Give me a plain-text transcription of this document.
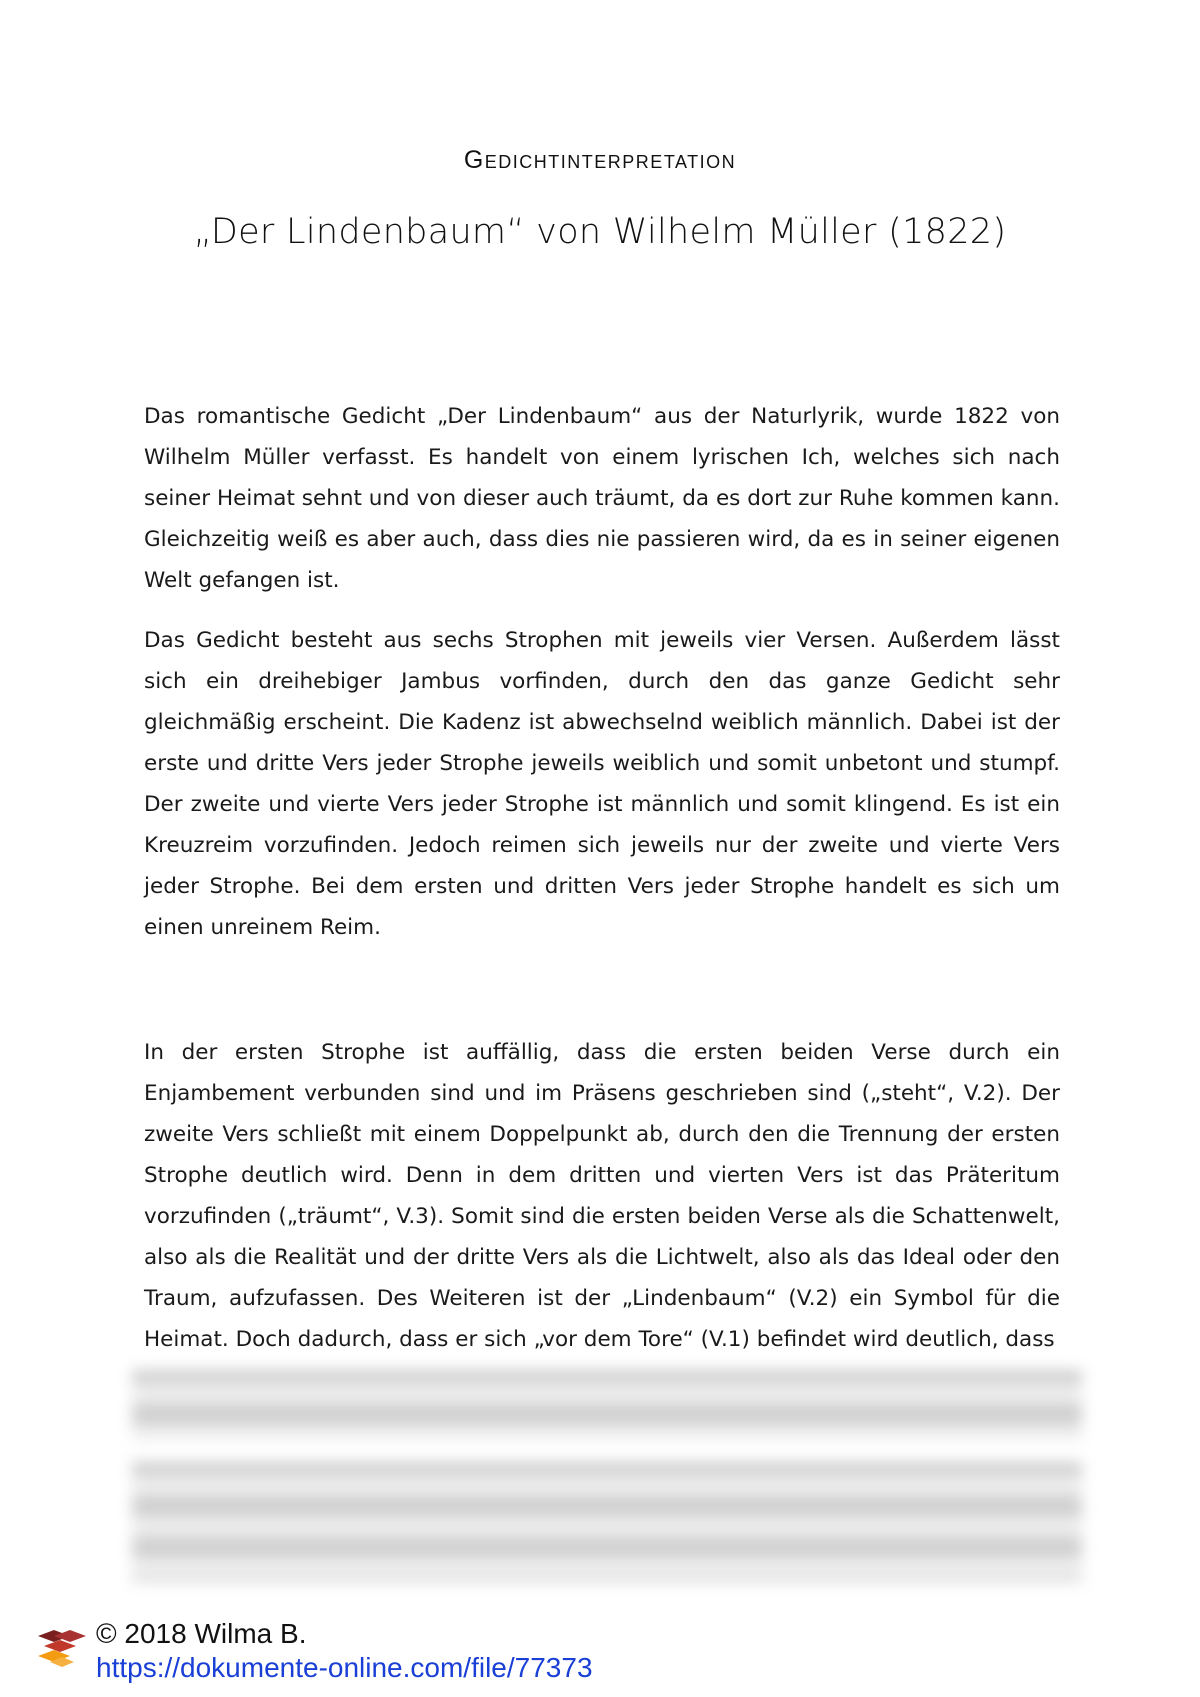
Gedichtinterpretation
„Der Lindenbaum“ von Wilhelm Müller (1822)

Das romantische Gedicht „Der Lindenbaum“ aus der Naturlyrik, wurde 1822 von Wilhelm Müller verfasst. Es handelt von einem lyrischen Ich, welches sich nach seiner Heimat sehnt und von dieser auch träumt, da es dort zur Ruhe kommen kann. Gleichzeitig weiß es aber auch, dass dies nie passieren wird, da es in seiner eigenen Welt gefangen ist.

Das Gedicht besteht aus sechs Strophen mit jeweils vier Versen. Außerdem lässt sich ein dreihebiger Jambus vorfinden, durch den das ganze Gedicht sehr gleichmäßig erscheint. Die Kadenz ist abwechselnd weiblich männlich. Dabei ist der erste und dritte Vers jeder Strophe jeweils weiblich und somit unbetont und stumpf. Der zweite und vierte Vers jeder Strophe ist männlich und somit klingend. Es ist ein Kreuzreim vorzufinden. Jedoch reimen sich jeweils nur der zweite und vierte Vers jeder Strophe. Bei dem ersten und dritten Vers jeder Strophe handelt es sich um einen unreinem Reim.

In der ersten Strophe ist auffällig, dass die ersten beiden Verse durch ein Enjambement verbunden sind und im Präsens geschrieben sind („steht“, V.2). Der zweite Vers schließt mit einem Doppelpunkt ab, durch den die Trennung der ersten Strophe deutlich wird. Denn in dem dritten und vierten Vers ist das Präteritum vorzufinden („träumt“, V.3). Somit sind die ersten beiden Verse als die Schattenwelt, also als die Realität und der dritte Vers als die Lichtwelt, also als das Ideal oder den Traum, aufzufassen. Des Weiteren ist der „Lindenbaum“ (V.2) ein Symbol für die Heimat. Doch dadurch, dass er sich „vor dem Tore“ (V.1) befindet wird deutlich, dass

© 2018 Wilma B.
https://dokumente-online.com/file/77373
